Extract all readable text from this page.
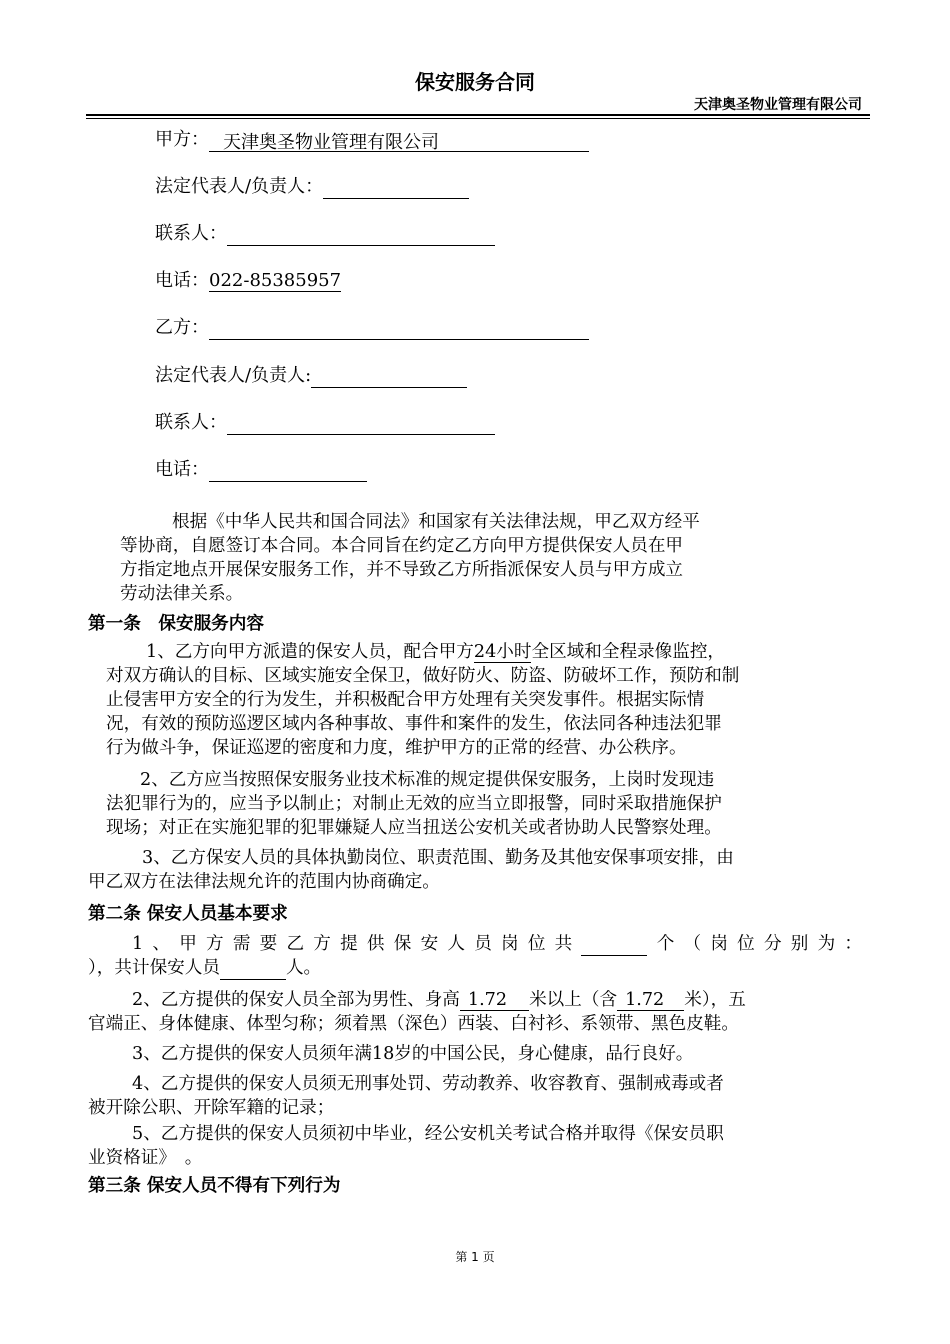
保安服务合同
天津奥圣物业管理有限公司
甲方： 天津奥圣物业管理有限公司
法定代表人/负责人：
联系人：
电话：022-85385957
乙方：
法定代表人/负责人:
联系人：
电话：
根据《中华人民共和国合同法》和国家有关法律法规，甲乙双方经平
等协商，自愿签订本合同。本合同旨在约定乙方向甲方提供保安人员在甲
方指定地点开展保安服务工作，并不导致乙方所指派保安人员与甲方成立
劳动法律关系。
第一条　保安服务内容
1、乙方向甲方派遣的保安人员，配合甲方24小时全区域和全程录像监控，
对双方确认的目标、区域实施安全保卫，做好防火、防盗、防破坏工作，预防和制
止侵害甲方安全的行为发生，并积极配合甲方处理有关突发事件。根据实际情
况，有效的预防巡逻区域内各种事故、事件和案件的发生，依法同各种违法犯罪
行为做斗争，保证巡逻的密度和力度，维护甲方的正常的经营、办公秩序。
2、乙方应当按照保安服务业技术标准的规定提供保安服务，上岗时发现违
法犯罪行为的，应当予以制止；对制止无效的应当立即报警，同时采取措施保护
现场；对正在实施犯罪的犯罪嫌疑人应当扭送公安机关或者协助人民警察处理。
3、乙方保安人员的具体执勤岗位、职责范围、勤务及其他安保事项安排，由
甲乙双方在法律法规允许的范围内协商确定。
第二条 保安人员基本要求
1、甲方需要乙方提供保安人员岗位共	个（岗位分别为：
），共计保安人员	人。
2、乙方提供的保安人员全部为男性、身高 1.72 米以上（含 1.72 米），五
官端正、身体健康、体型匀称；须着黑（深色）西装、白衬衫、系领带、黑色皮鞋。
3、乙方提供的保安人员须年满18岁的中国公民，身心健康，品行良好。
4、乙方提供的保安人员须无刑事处罚、劳动教养、收容教育、强制戒毒或者
被开除公职、开除军籍的记录；
5、乙方提供的保安人员须初中毕业，经公安机关考试合格并取得《保安员职
业资格证》　。
第三条 保安人员不得有下列行为
第 1 页
